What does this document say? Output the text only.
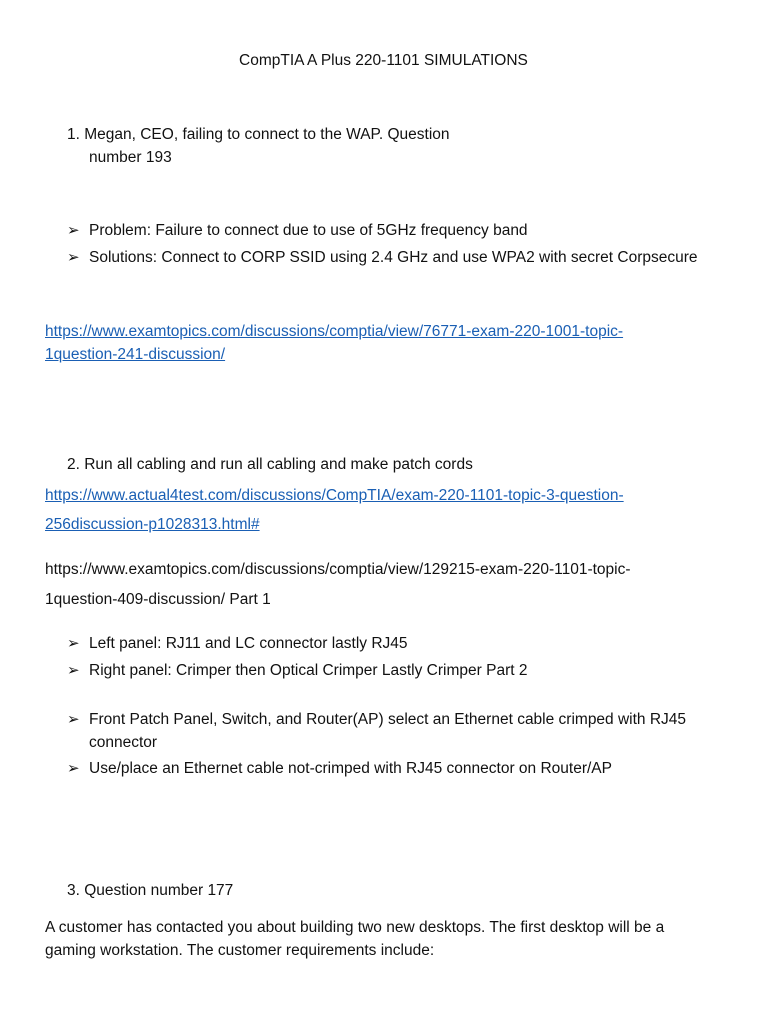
CompTIA A Plus 220-1101 SIMULATIONS
1. Megan, CEO, failing to connect to the WAP. Question
number 193
➢ Problem: Failure to connect due to use of 5GHz frequency band
➢ Solutions: Connect to CORP SSID using 2.4 GHz and use WPA2 with secret Corpsecure
https://www.examtopics.com/discussions/comptia/view/76771-exam-220-1001-topic-
1question-241-discussion/
2. Run all cabling and run all cabling and make patch cords
https://www.actual4test.com/discussions/CompTIA/exam-220-1101-topic-3-question-
256discussion-p1028313.html#
https://www.examtopics.com/discussions/comptia/view/129215-exam-220-1101-topic-
1question-409-discussion/ Part 1
➢ Left panel: RJ11 and LC connector lastly RJ45
➢ Right panel: Crimper then Optical Crimper Lastly Crimper Part 2
➢ Front Patch Panel, Switch, and Router(AP) select an Ethernet cable crimped with RJ45
connector
➢ Use/place an Ethernet cable not-crimped with RJ45 connector on Router/AP
3. Question number 177
A customer has contacted you about building two new desktops. The first desktop will be a
gaming workstation. The customer requirements include:
